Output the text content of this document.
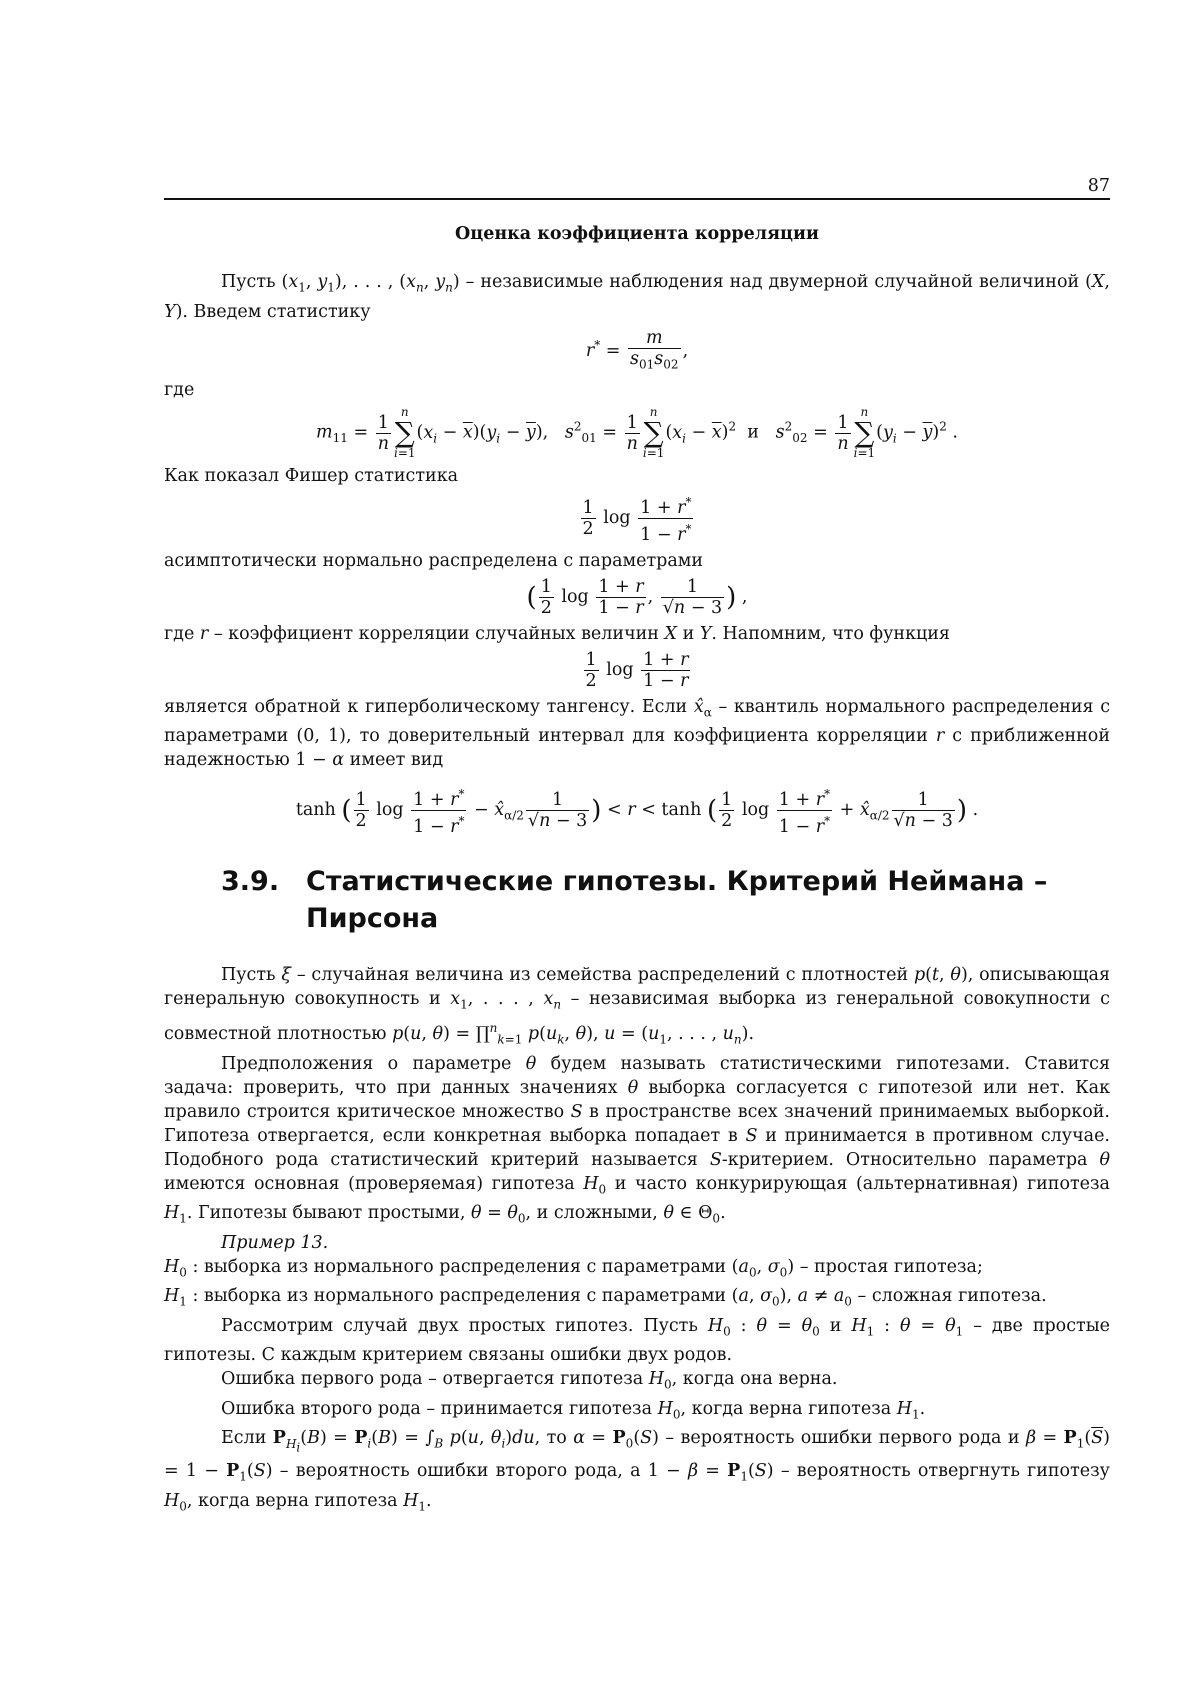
87
Оценка коэффициента корреляции

Пусть ($x_1$, $y_1$), . . . , ($x_n$, $y_n$) – независимые наблюдения над двумерной случайной величиной (X, Y). Введем статистику

$r^* = \frac{m}{s_{01}s_{02}}$ ,

где

$m_{11} = \frac{1}{n}$
n
∑
$i=1(x_i - \overline{x})(y_i - \overline{y})$,   $s^2_{01} = \frac{1}{n}$
n
∑
$i=1(x_i - \overline{x})^2$  и   $s^2_{02} = \frac{1}{n}$
n
∑
$i=1(y_i - \overline{y})^2$ .

Как показал Фишер статистика

$\frac{1}{2}$ $\log \frac{1 + r^*}{1 - r^*}$

асимптотически нормально распределена с параметрами

( $\frac{1}{2}$ $\log \frac{1 + r}{1 - r}$ , $\frac{1}{√n - 3}$ ) ,

где r – коэффициент корреляции случайных величин X и Y. Напомним, что функция

$\frac{1}{2}$ $\log \frac{1 + r}{1 - r}$

является обратной к гиперболическому тангенсу. Если $x̂_\alpha$ – квантиль нормального распределения с параметрами (0, 1), то доверительный интервал для коэффициента корреляции r с приближенной надежностью 1 − α имеет вид

tanh ( $\frac{1}{2}$ $\log \frac{1 + r^*}{1 - r^*}$ − $x̂_{\alpha/2} \frac{1}{√n - 3}$ ) < r < tanh ( $\frac{1}{2}$ $\log \frac{1 + r^*}{1 - r^*}$ + $x̂_{\alpha/2} \frac{1}{√n - 3}$ ) .
3.9. Статистические гипотезы. Критерий Неймана – Пирсона

Пусть ξ – случайная величина из семейства распределений с плотностей p(t, θ), описывающая генеральную совокупность и $x_1$, . . . , $x_n$ – независимая выборка из генеральной совокупности с совместной плотностью p(u, θ) = ∏$^n_{k=1}$ $p(u_k$, θ), $u = (u_1$, . . . , $u_n$).

Предположения о параметре θ будем называть статистическими гипотезами. Ставится задача: проверить, что при данных значениях θ выборка согласуется с гипотезой или нет. Как правило строится критическое множество S в пространстве всех значений принимаемых выборкой. Гипотеза отвергается, если конкретная выборка попадает в S и принимается в противном случае. Подобного рода статистический критерий называется S-критерием. Относительно параметра θ имеются основная (проверяемая) гипотеза $H_0$ и часто конкурирующая (альтернативная) гипотеза $H_1$. Гипотезы бывают простыми, $\theta = \theta_0$, и сложными, θ ∈ $\Theta_0$.

Пример 13.

$H_0$ : выборка из нормального распределения с параметрами ($a_0$, $\sigma_0$) – простая гипотеза;

$H_1$ : выборка из нормального распределения с параметрами (a, $\sigma_0$), $a \ne a_0$ – сложная гипотеза.

Рассмотрим случай двух простых гипотез. Пусть $H_0$ : $\theta = \theta_0$ и $H_1$ : $\theta = \theta_1$ – две простые гипотезы. С каждым критерием связаны ошибки двух родов.

Ошибка первого рода – отвергается гипотеза $H_0$, когда она верна.

Ошибка второго рода – принимается гипотеза $H_0$, когда верна гипотеза $H_1$.

Если $P_{H_i}(B) = P_i(B) = \int_B$ p(u, $\theta_i)du$, то $\alpha = P_0(S)$ – вероятность ошибки первого рода и $\beta = P_1(\overline{S}) = 1 - P_1(S)$ – вероятность ошибки второго рода, а $1 - \beta = P_1(S)$ – вероятность отвергнуть гипотезу $H_0$, когда верна гипотеза $H_1$.
